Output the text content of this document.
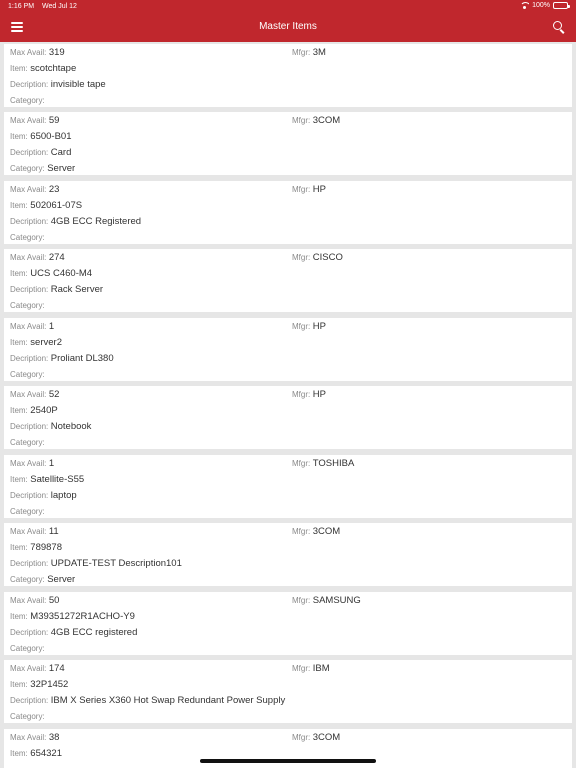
1:16 PM Wed Jul 12	100%
Master Items
Max Avail: 319	Mfgr: 3M
Item: scotchtape
Decription: invisible tape
Category:
Max Avail: 59	Mfgr: 3COM
Item: 6500-B01
Decription: Card
Category: Server
Max Avail: 23	Mfgr: HP
Item: 502061-07S
Decription: 4GB ECC Registered
Category:
Max Avail: 274	Mfgr: CISCO
Item: UCS C460-M4
Decription: Rack Server
Category:
Max Avail: 1	Mfgr: HP
Item: server2
Decription: Proliant DL380
Category:
Max Avail: 52	Mfgr: HP
Item: 2540P
Decription: Notebook
Category:
Max Avail: 1	Mfgr: TOSHIBA
Item: Satellite-S55
Decription: laptop
Category:
Max Avail: 11	Mfgr: 3COM
Item: 789878
Decription: UPDATE-TEST Description101
Category: Server
Max Avail: 50	Mfgr: SAMSUNG
Item: M39351272R1ACHO-Y9
Decription: 4GB ECC registered
Category:
Max Avail: 174	Mfgr: IBM
Item: 32P1452
Decription: IBM X Series X360 Hot Swap Redundant Power Supply
Category:
Max Avail: 38	Mfgr: 3COM
Item: 654321
